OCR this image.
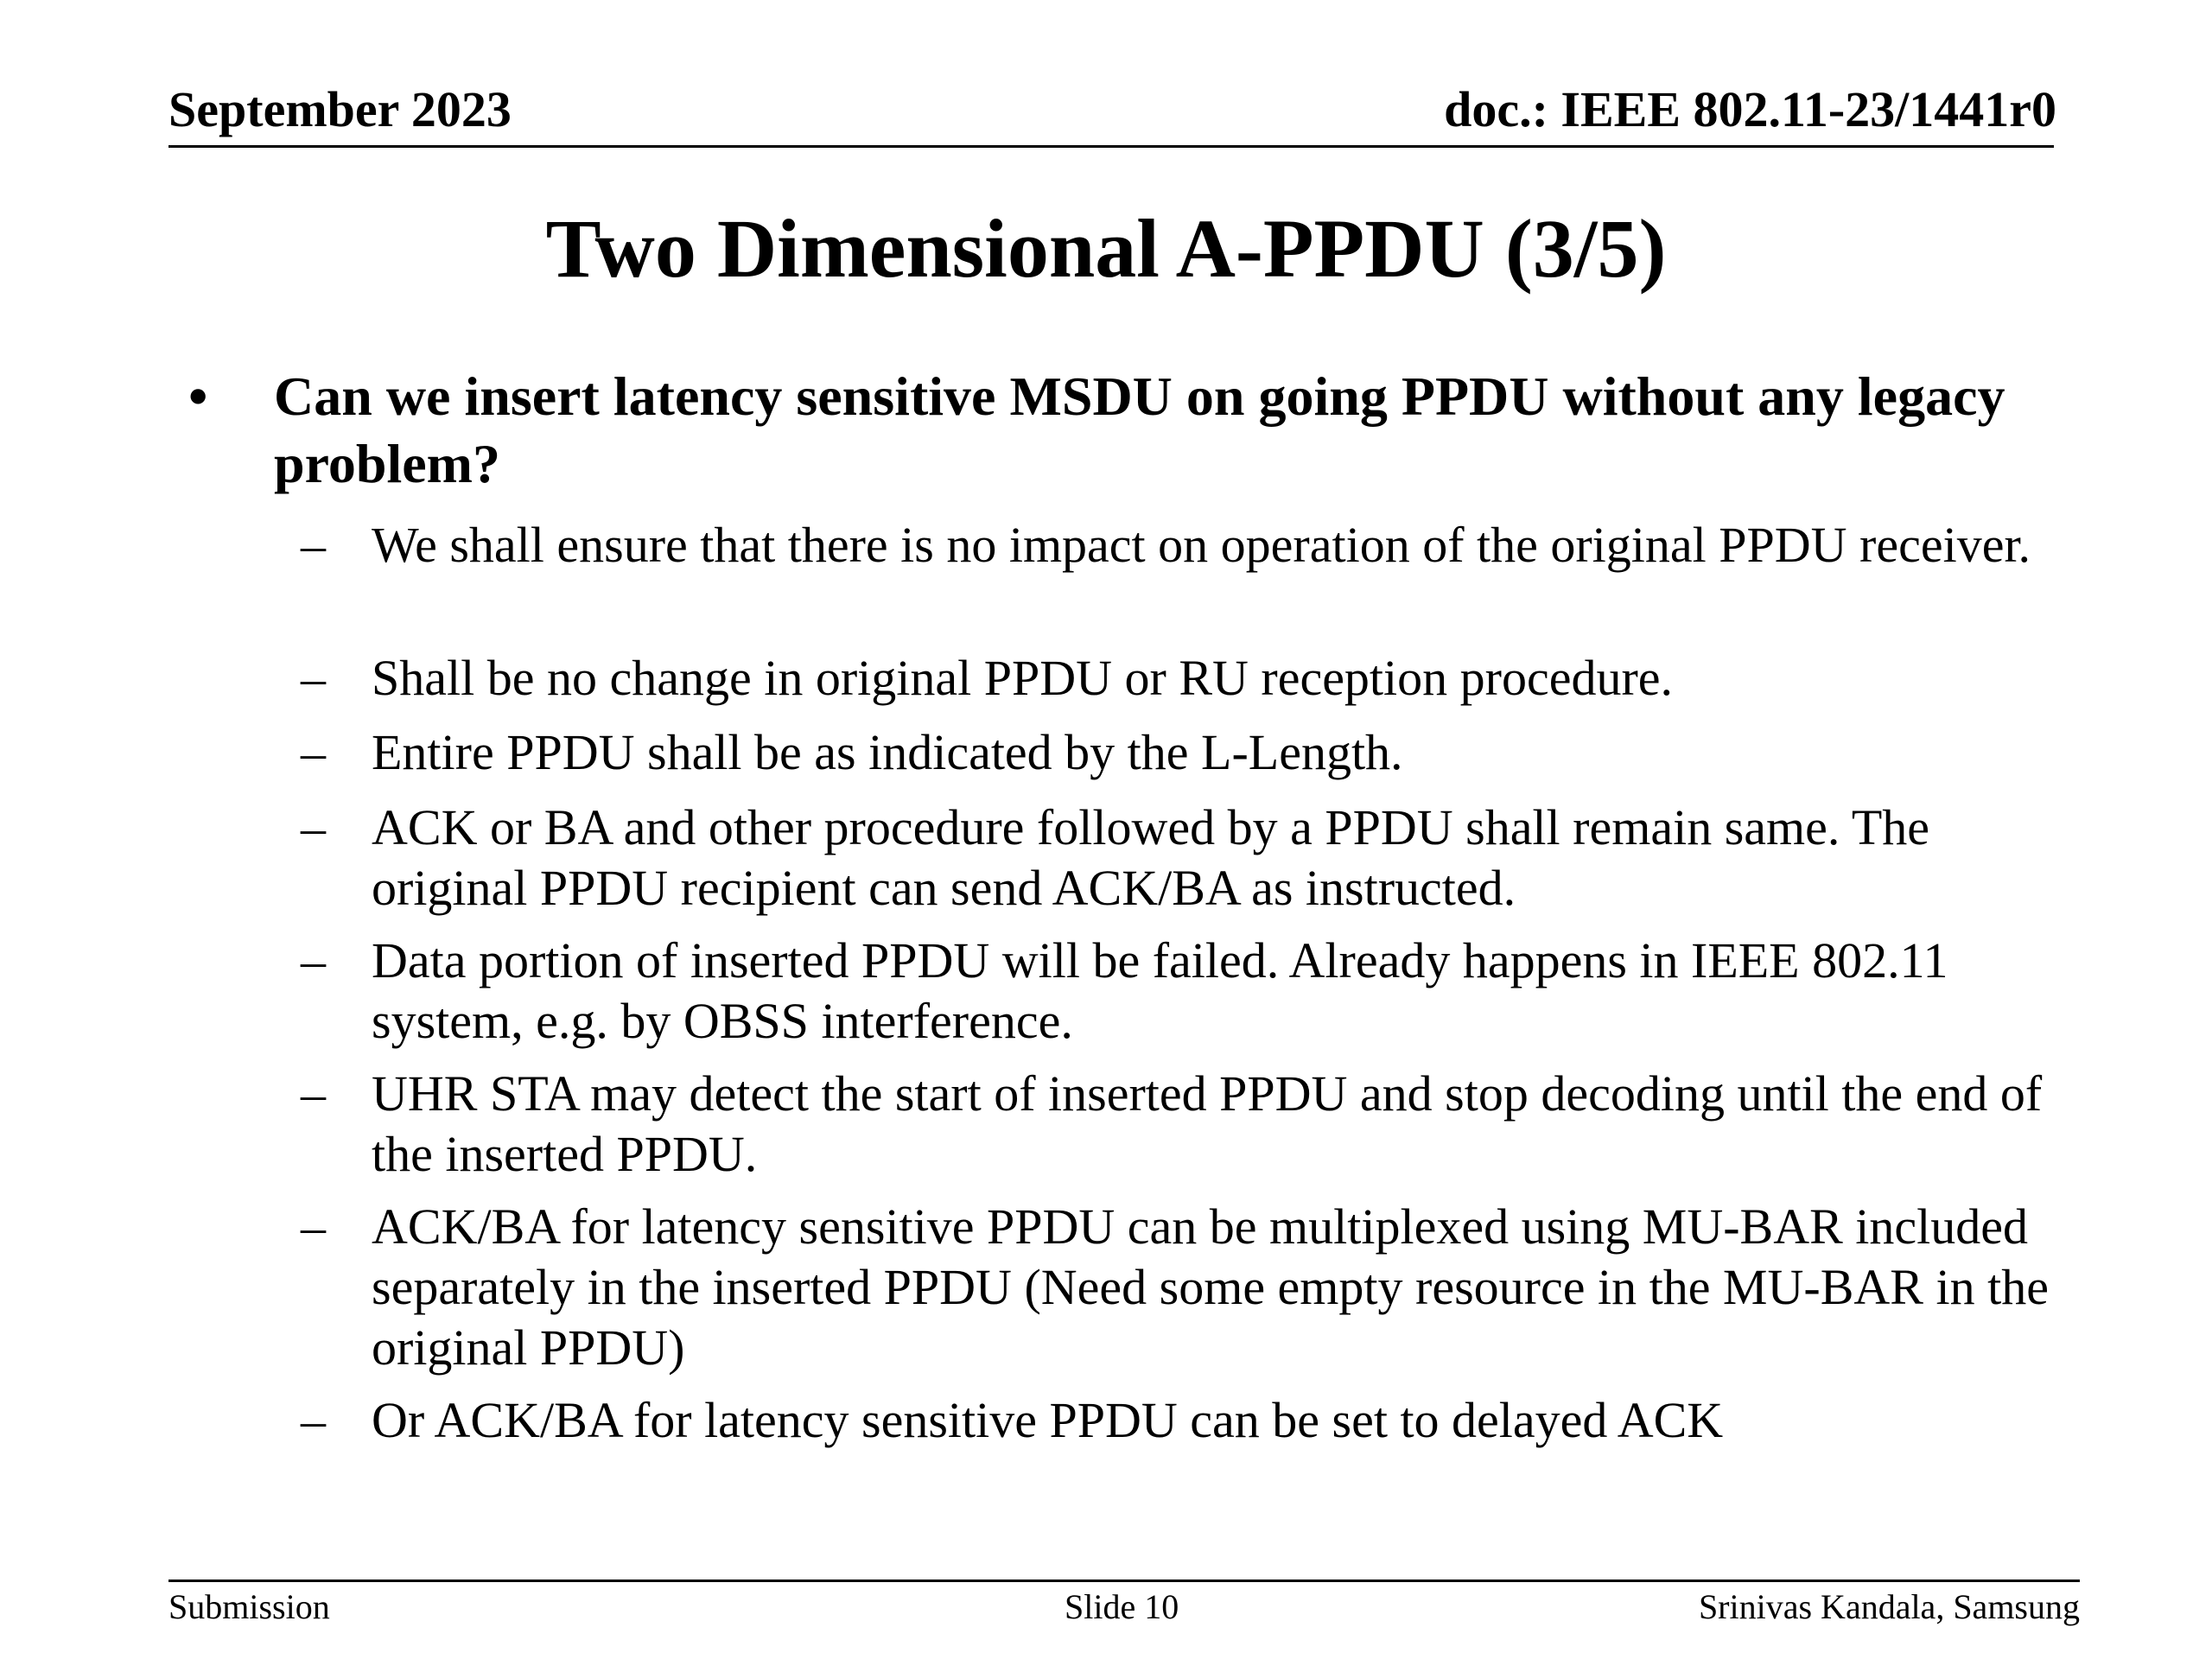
September 2023	doc.: IEEE 802.11-23/1441r0
Two Dimensional A-PPDU (3/5)
• Can we insert latency sensitive MSDU on going PPDU without any legacy problem?
– We shall ensure that there is no impact on operation of the original PPDU receiver.
– Shall be no change in original PPDU or RU reception procedure.
– Entire PPDU shall be as indicated by the L-Length.
– ACK or BA and other procedure followed by a PPDU shall remain same. The original PPDU recipient can send ACK/BA as instructed.
– Data portion of inserted PPDU will be failed. Already happens in IEEE 802.11 system, e.g. by OBSS interference.
– UHR STA may detect the start of inserted PPDU and stop decoding until the end of the inserted PPDU.
– ACK/BA for latency sensitive PPDU can be multiplexed using MU-BAR included separately in the inserted PPDU (Need some empty resource in the MU-BAR in the original PPDU)
– Or ACK/BA for latency sensitive PPDU can be set to delayed ACK
Submission	Slide 10	Srinivas Kandala, Samsung
